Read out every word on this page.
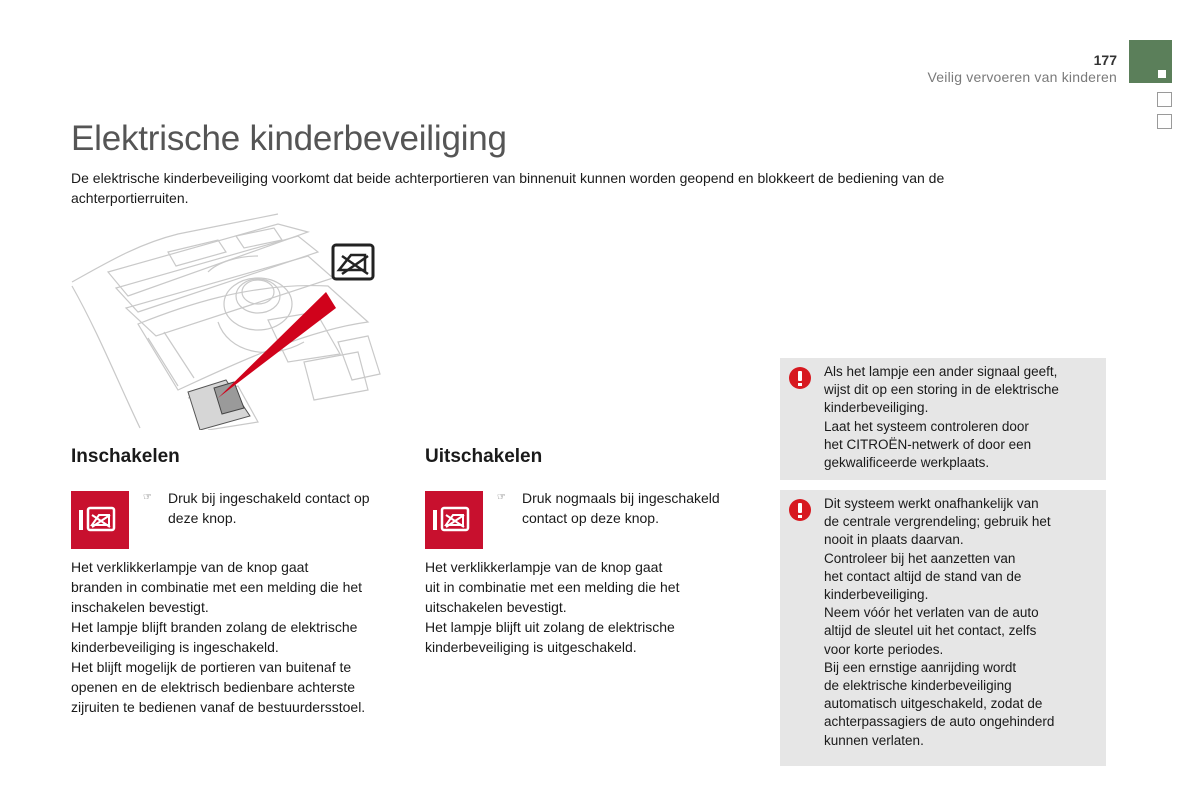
177
Veilig vervoeren van kinderen
Elektrische kinderbeveiliging
De elektrische kinderbeveiliging voorkomt dat beide achterportieren van binnenuit kunnen worden geopend en blokkeert de bediening van de achterportierruiten.
Inschakelen
☞ Druk bij ingeschakeld contact op deze knop.
Het verklikkerlampje van de knop gaat
branden in combinatie met een melding die het
inschakelen bevestigt.
Het lampje blijft branden zolang de elektrische
kinderbeveiliging is ingeschakeld.
Het blijft mogelijk de portieren van buitenaf te
openen en de elektrisch bedienbare achterste
zijruiten te bedienen vanaf de bestuurdersstoel.
Uitschakelen
☞ Druk nogmaals bij ingeschakeld contact op deze knop.
Het verklikkerlampje van de knop gaat
uit in combinatie met een melding die het
uitschakelen bevestigt.
Het lampje blijft uit zolang de elektrische
kinderbeveiliging is uitgeschakeld.
Als het lampje een ander signaal geeft,
wijst dit op een storing in de elektrische
kinderbeveiliging.
Laat het systeem controleren door
het CITROËN-netwerk of door een
gekwalificeerde werkplaats.
Dit systeem werkt onafhankelijk van
de centrale vergrendeling; gebruik het
nooit in plaats daarvan.
Controleer bij het aanzetten van
het contact altijd de stand van de
kinderbeveiliging.
Neem vóór het verlaten van de auto
altijd de sleutel uit het contact, zelfs
voor korte periodes.
Bij een ernstige aanrijding wordt
de elektrische kinderbeveiliging
automatisch uitgeschakeld, zodat de
achterpassagiers de auto ongehinderd
kunnen verlaten.
